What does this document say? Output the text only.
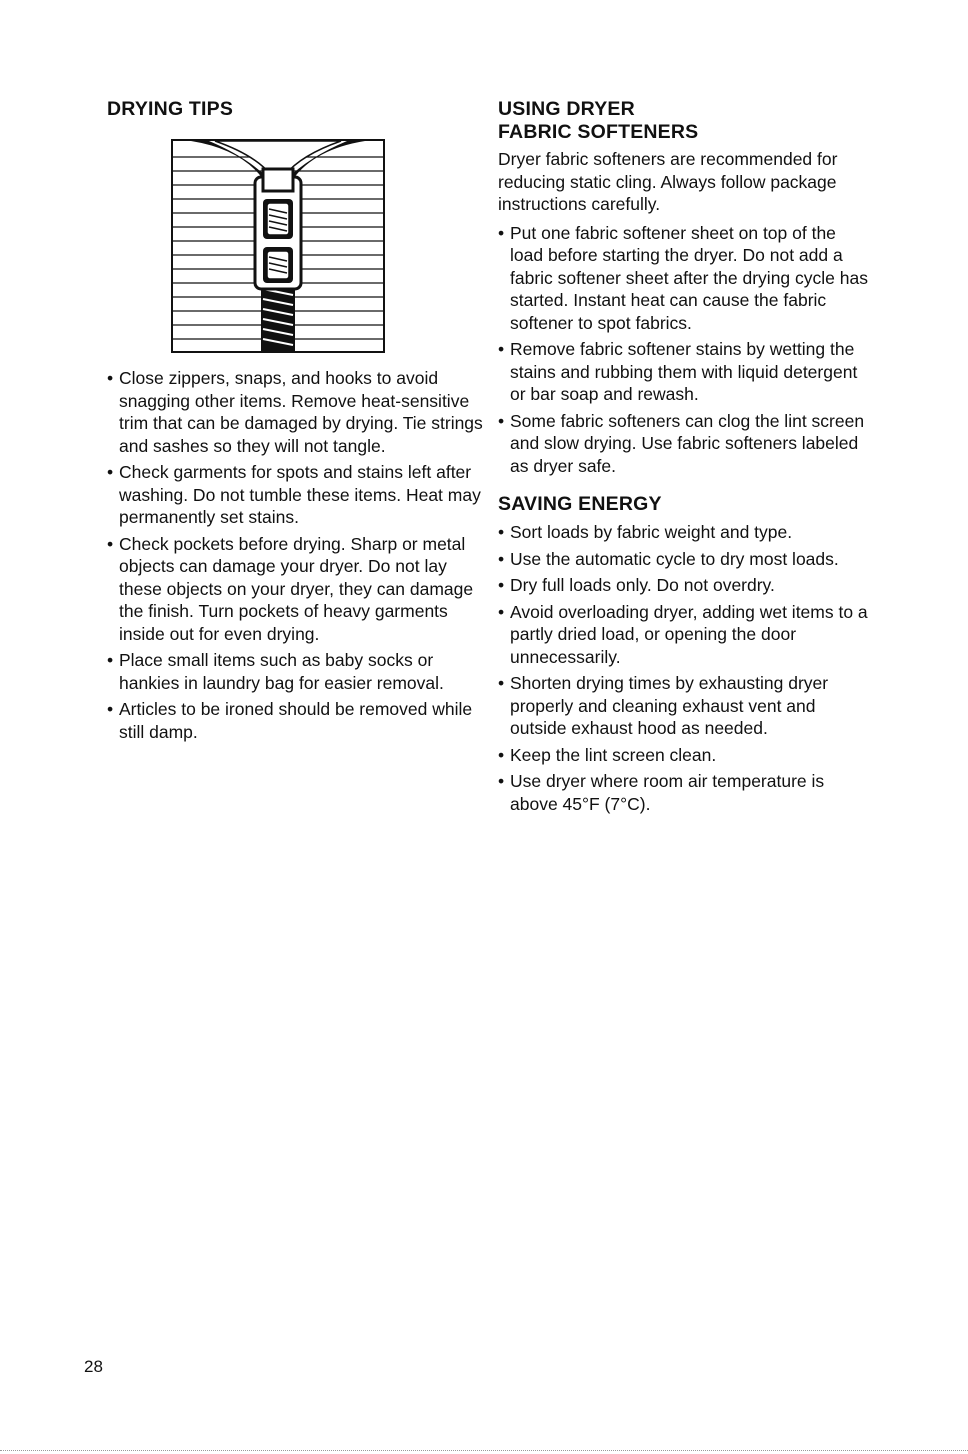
DRYING TIPS
• Close zippers, snaps, and hooks to avoid snagging other items. Remove heat-sensitive trim that can be damaged by drying. Tie strings and sashes so they will not tangle.
• Check garments for spots and stains left after washing. Do not tumble these items. Heat may permanently set stains.
• Check pockets before drying. Sharp or metal objects can damage your dryer. Do not lay these objects on your dryer, they can damage the finish. Turn pockets of heavy garments inside out for even drying.
• Place small items such as baby socks or hankies in laundry bag for easier removal.
• Articles to be ironed should be removed while still damp.
USING DRYER
FABRIC SOFTENERS

Dryer fabric softeners are recommended for reducing static cling. Always follow package instructions carefully.

• Put one fabric softener sheet on top of the load before starting the dryer. Do not add a fabric softener sheet after the drying cycle has started. Instant heat can cause the fabric softener to spot fabrics.
• Remove fabric softener stains by wetting the stains and rubbing them with liquid detergent or bar soap and rewash.
• Some fabric softeners can clog the lint screen and slow drying. Use fabric softeners labeled as dryer safe.
SAVING ENERGY
• Sort loads by fabric weight and type.
• Use the automatic cycle to dry most loads.
• Dry full loads only. Do not overdry.
• Avoid overloading dryer, adding wet items to a partly dried load, or opening the door unnecessarily.
• Shorten drying times by exhausting dryer properly and cleaning exhaust vent and outside exhaust hood as needed.
• Keep the lint screen clean.
• Use dryer where room air temperature is above 45°F (7°C).
28
